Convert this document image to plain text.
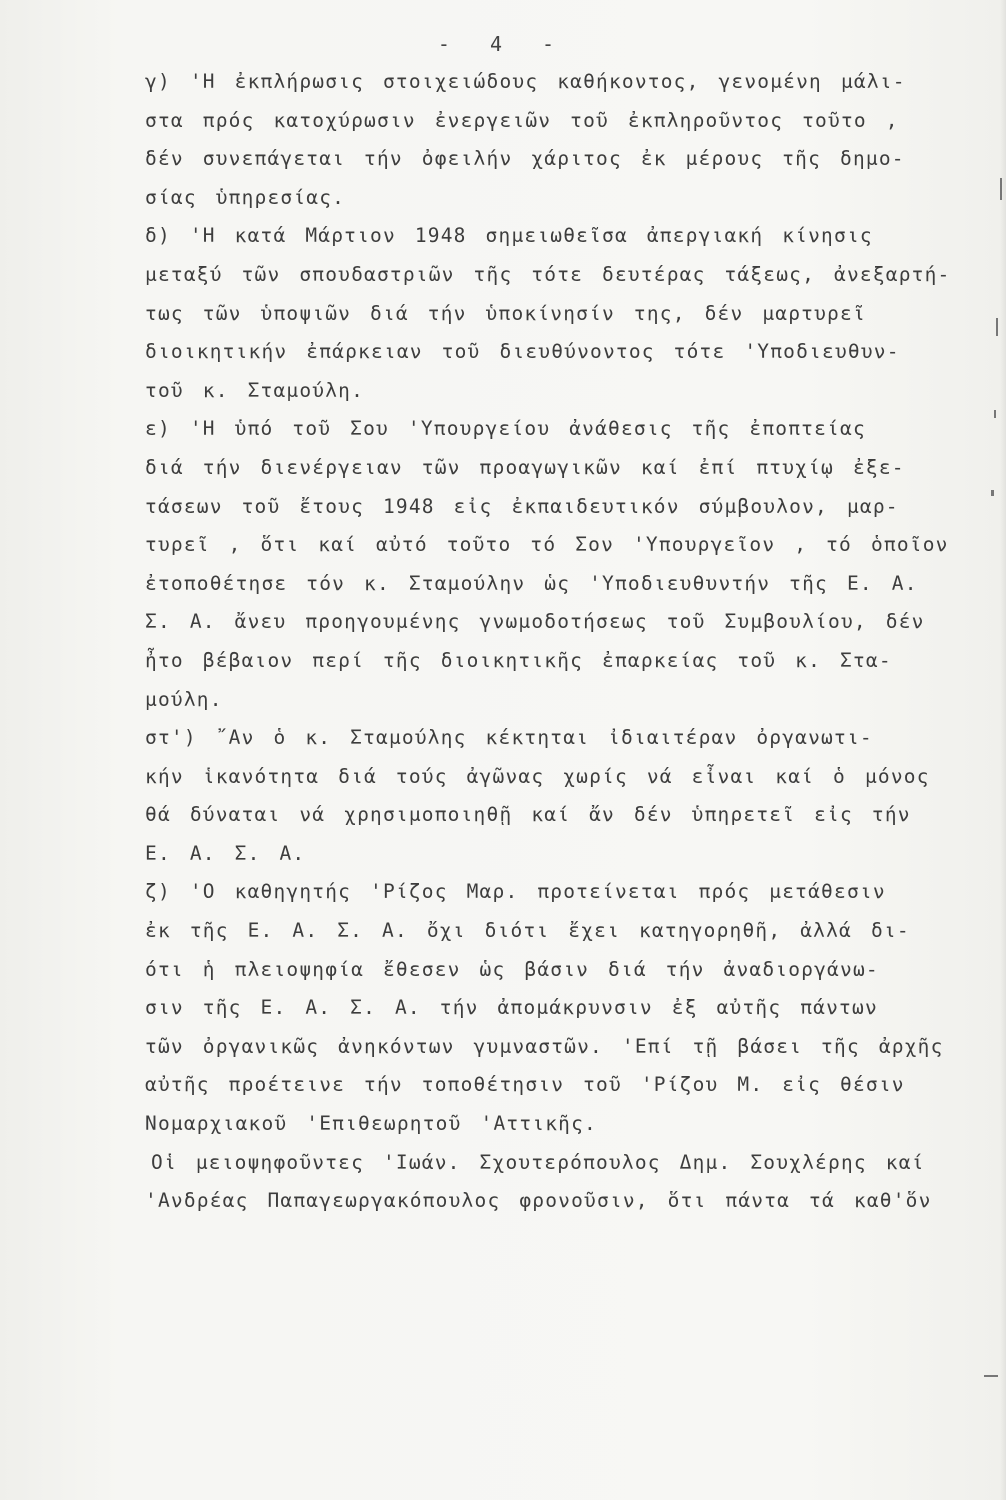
- 4 -
γ) 'Η ἐκπλήρωσις στοιχειώδους καθήκοντος, γενομένη μάλι-
στα πρός κατοχύρωσιν ἐνεργειῶν τοῦ ἐκπληροῦντος τοῦτο ,
δέν συνεπάγεται τήν ὀφειλήν χάριτος ἐκ μέρους τῆς δημο-
σίας ὑπηρεσίας.
δ) 'Η κατά Μάρτιον 1948 σημειωθεῖσα ἀπεργιακή κίνησις
μεταξύ τῶν σπουδαστριῶν τῆς τότε δευτέρας τάξεως, ἀνεξαρτή-
τως τῶν ὑποψιῶν διά τήν ὑποκίνησίν της, δέν μαρτυρεῖ
διοικητικήν ἐπάρκειαν τοῦ διευθύνοντος τότε 'Υποδιευθυν-
τοῦ κ. Σταμούλη.
ε) 'Η ὑπό τοῦ Σου 'Υπουργείου ἀνάθεσις τῆς ἐποπτείας
διά τήν διενέργειαν τῶν προαγωγικῶν καί ἐπί πτυχίῳ ἐξε-
τάσεων τοῦ ἔτους 1948 εἰς ἐκπαιδευτικόν σύμβουλον, μαρ-
τυρεῖ , ὅτι καί αὐτό τοῦτο τό Σον 'Υπουργεῖον , τό ὁποῖον
ἐτοποθέτησε τόν κ. Σταμούλην ὡς 'Υποδιευθυντήν τῆς Ε. Α.
Σ. Α. ἄνευ προηγουμένης γνωμοδοτήσεως τοῦ Συμβουλίου, δέν
ἦτο βέβαιον περί τῆς διοικητικῆς ἐπαρκείας τοῦ κ. Στα-
μούλη.
στ') ῎Αν ὁ κ. Σταμούλης κέκτηται ἰδιαιτέραν ὀργανωτι-
κήν ἱκανότητα διά τούς ἀγῶνας χωρίς νά εἶναι καί ὁ μόνος
θά δύναται νά χρησιμοποιηθῇ καί ἄν δέν ὑπηρετεῖ εἰς τήν
Ε. Α. Σ. Α.
ζ) 'Ο καθηγητής 'Ρίζος Μαρ. προτείνεται πρός μετάθεσιν
ἐκ τῆς Ε. Α. Σ. Α. ὄχι διότι ἔχει κατηγορηθῆ, ἀλλά δι-
ότι ἡ πλειοψηφία ἔθεσεν ὡς βάσιν διά τήν ἀναδιοργάνω-
σιν τῆς Ε. Α. Σ. Α. τήν ἀπομάκρυνσιν ἐξ αὐτῆς πάντων
τῶν ὀργανικῶς ἀνηκόντων γυμναστῶν. 'Επί τῇ βάσει τῆς ἀρχῆς
αὐτῆς προέτεινε τήν τοποθέτησιν τοῦ 'Ρίζου Μ. εἰς θέσιν
Νομαρχιακοῦ 'Επιθεωρητοῦ 'Αττικῆς.
Οἱ μειοψηφοῦντες 'Ιωάν. Σχουτερόπουλος Δημ. Σουχλέρης καί
'Ανδρέας Παπαγεωργακόπουλος φρονοῦσιν, ὅτι πάντα τά καθ'ὅν
